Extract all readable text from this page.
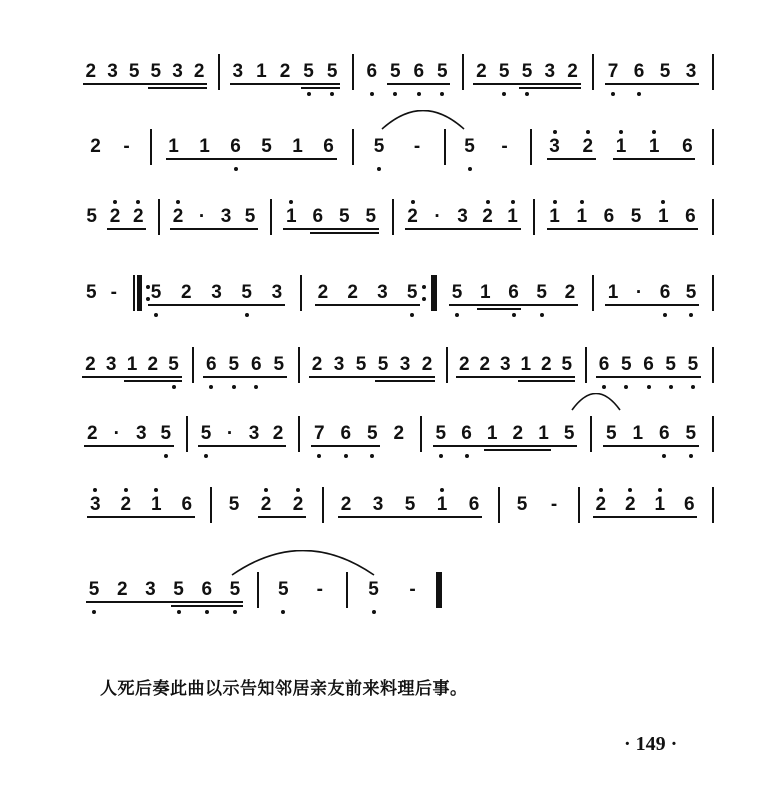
2 3 5 5 3 2 3 1 2 5 5 6 5 6 5 2 5 5 3 2 7 6 5 3
2 - 1 1 6 5 1 6 5 - 5 - 3 2 1 1 6
5 2 2 2 · 3 5 1 6 5 5 2 · 3 2 1 1 1 6 5 1 6
5 - 5 2 3 5 3 2 2 3 5 5 1 6 5 2 1 · 6 5
2 3 1 2 5 6 5 6 5 2 3 5 5 3 2 2 2 3 1 2 5 6 5 6 5 5
2 · 3 5 5 · 3 2 7 6 5 2 5 6 1 2 1 5 5 1 6 5
3 2 1 6 5 2 2 2 3 5 1 6 5 - 2 2 1 6
5 2 3 5 6 5 5 - 5 -
人死后奏此曲以示告知邻居亲友前来料理后事。
· 149 ·
